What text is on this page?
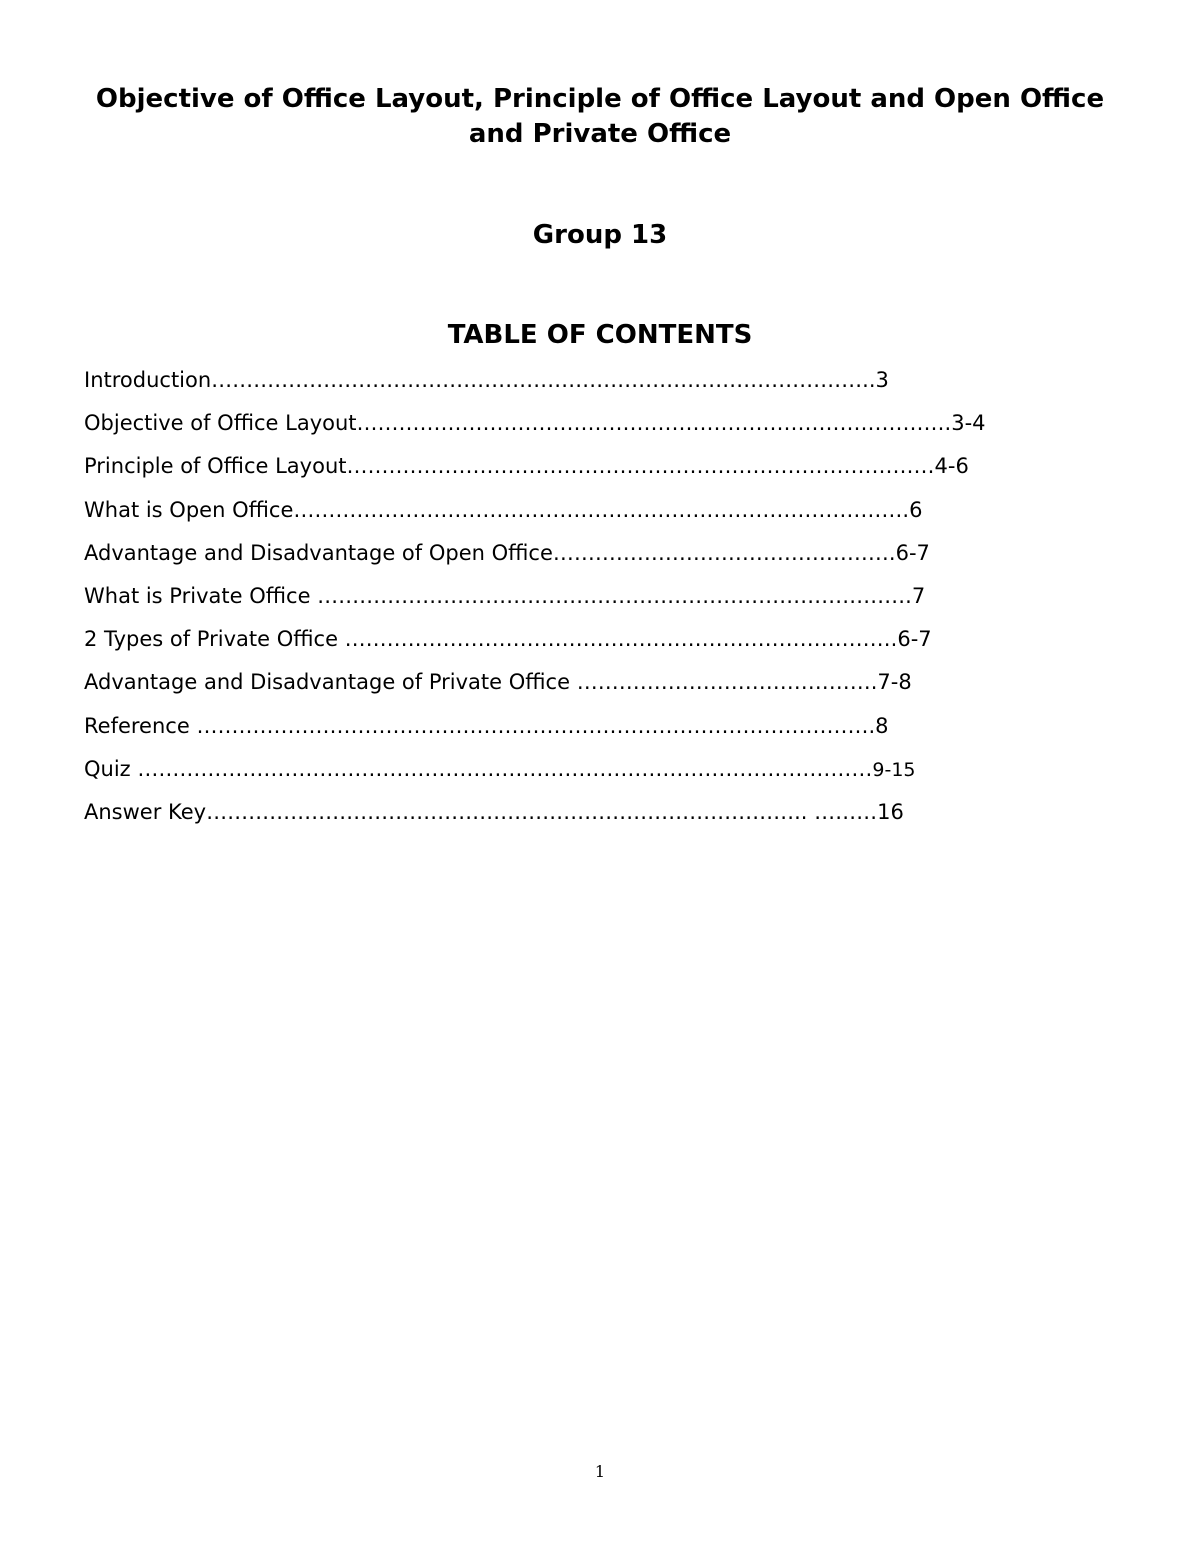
Objective of Office Layout, Principle of Office Layout and Open Office and Private Office
Group 13
TABLE OF CONTENTS
Introduction…………………………………………………………………………………..3
Objective of Office Layout………………………………………………………………………….3-4
Principle of Office Layout…………………………………………………………………………4-6
What is Open Office…………………………………………………………………………….6
Advantage and Disadvantage of Open Office………………………………………….6-7
What is Private Office ………………………………………………………………………….7
2 Types of Private Office …………………………………………………………………….6-7
Advantage and Disadvantage of Private Office …………………………………….7-8
Reference …………………………………………………………………………………….8
Quiz ……………………………………………………………………………………………9-15
Answer Key………………………………………………………………………….. ………16
1
